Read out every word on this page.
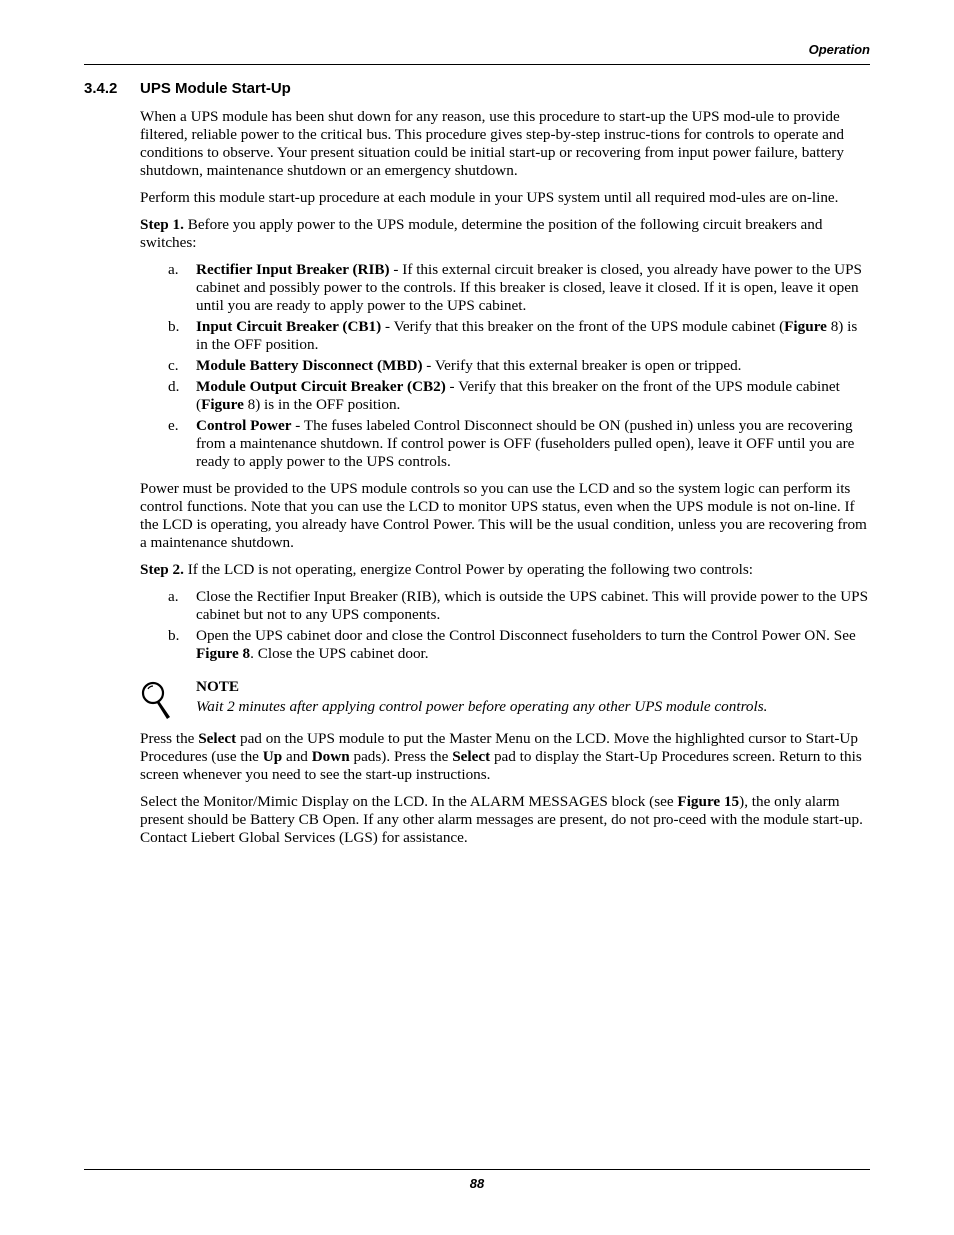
Operation
3.4.2 UPS Module Start-Up

When a UPS module has been shut down for any reason, use this procedure to start-up the UPS mod-ule to provide filtered, reliable power to the critical bus. This procedure gives step-by-step instruc-tions for controls to operate and conditions to observe. Your present situation could be initial start-up or recovering from input power failure, battery shutdown, maintenance shutdown or an emergency shutdown.

Perform this module start-up procedure at each module in your UPS system until all required mod-ules are on-line.

Step 1. Before you apply power to the UPS module, determine the position of the following circuit breakers and switches:

a. Rectifier Input Breaker (RIB) - If this external circuit breaker is closed, you already have power to the UPS cabinet and possibly power to the controls. If this breaker is closed, leave it closed. If it is open, leave it open until you are ready to apply power to the UPS cabinet.
b. Input Circuit Breaker (CB1) - Verify that this breaker on the front of the UPS module cabinet (Figure 8) is in the OFF position.
c. Module Battery Disconnect (MBD) - Verify that this external breaker is open or tripped.
d. Module Output Circuit Breaker (CB2) - Verify that this breaker on the front of the UPS module cabinet (Figure 8) is in the OFF position.
e. Control Power - The fuses labeled Control Disconnect should be ON (pushed in) unless you are recovering from a maintenance shutdown. If control power is OFF (fuseholders pulled open), leave it OFF until you are ready to apply power to the UPS controls.

Power must be provided to the UPS module controls so you can use the LCD and so the system logic can perform its control functions. Note that you can use the LCD to monitor UPS status, even when the UPS module is not on-line. If the LCD is operating, you already have Control Power. This will be the usual condition, unless you are recovering from a maintenance shutdown.

Step 2. If the LCD is not operating, energize Control Power by operating the following two controls:

a. Close the Rectifier Input Breaker (RIB), which is outside the UPS cabinet. This will provide power to the UPS cabinet but not to any UPS components.
b. Open the UPS cabinet door and close the Control Disconnect fuseholders to turn the Control Power ON. See Figure 8. Close the UPS cabinet door.
NOTE
Wait 2 minutes after applying control power before operating any other UPS module controls.

Press the Select pad on the UPS module to put the Master Menu on the LCD. Move the highlighted cursor to Start-Up Procedures (use the Up and Down pads). Press the Select pad to display the Start-Up Procedures screen. Return to this screen whenever you need to see the start-up instructions.

Select the Monitor/Mimic Display on the LCD. In the ALARM MESSAGES block (see Figure 15), the only alarm present should be Battery CB Open. If any other alarm messages are present, do not pro-ceed with the module start-up. Contact Liebert Global Services (LGS) for assistance.

88
